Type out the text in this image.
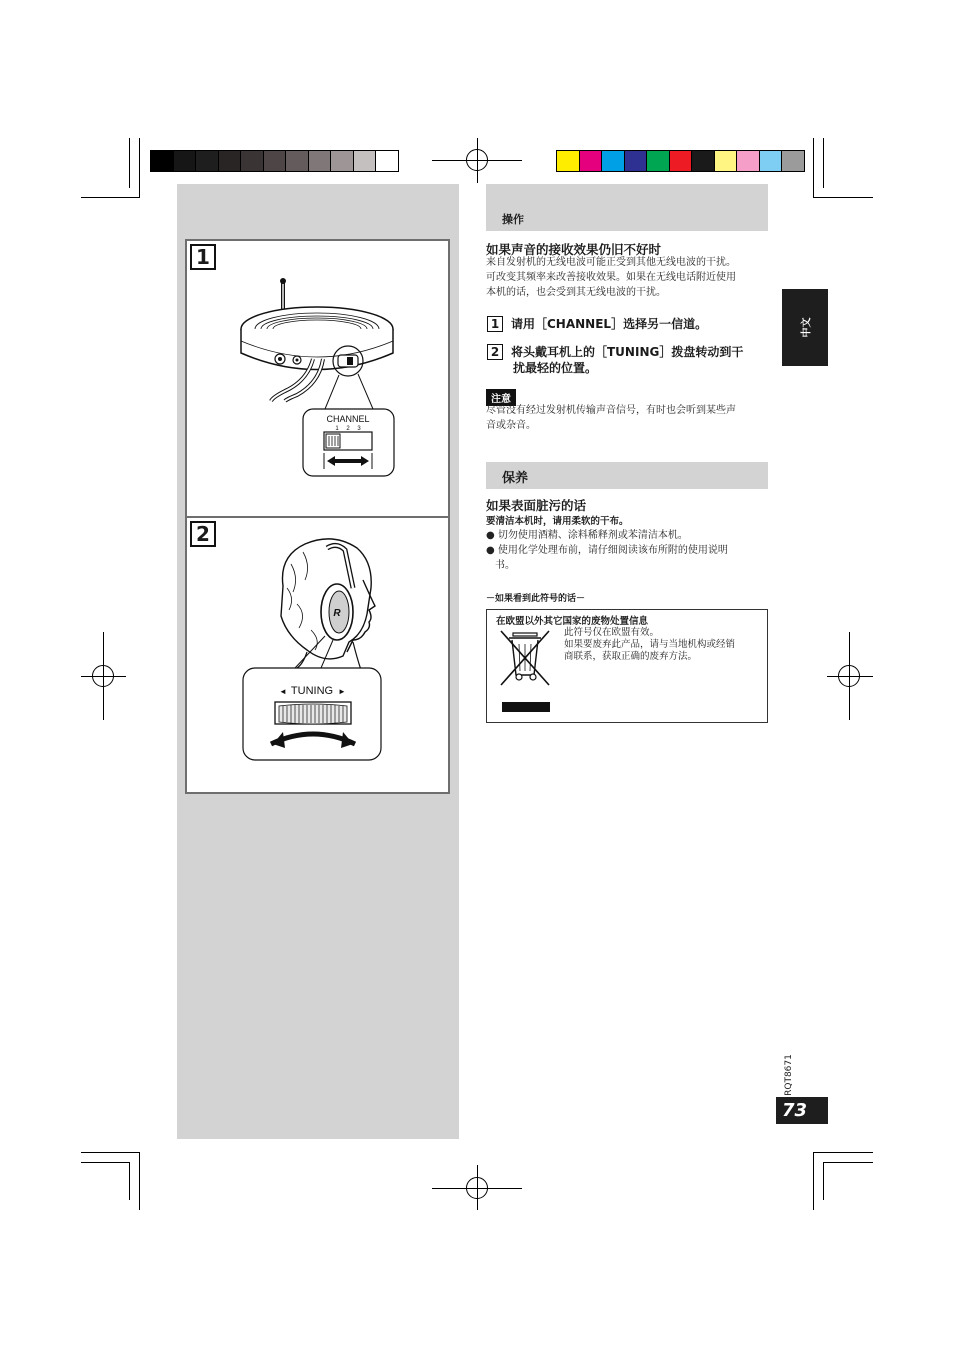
1
CHANNEL
1 2 3
2
R
◄ TUNING ►
操作
如果声音的接收效果仍旧不好时
来自发射机的无线电波可能正受到其他无线电波的干扰。
可改变其频率来改善接收效果。如果在无线电话附近使用
本机的话，也会受到其无线电波的干扰。
1 请用［CHANNEL］选择另一信道。
2 将头戴耳机上的［TUNING］拨盘转动到干
扰最轻的位置。
注意
尽管没有经过发射机传输声音信号，有时也会听到某些声
音或杂音。
保养
如果表面脏污的话
要清洁本机时，请用柔软的干布。
● 切勿使用酒精、涂料稀释剂或苯清洁本机。
● 使用化学处理布前，请仔细阅读该布所附的使用说明
书。
－如果看到此符号的话－
在欧盟以外其它国家的废物处置信息
此符号仅在欧盟有效。
如果要废弃此产品，请与当地机构或经销
商联系，获取正确的废弃方法。
中文
RQT8671
73
